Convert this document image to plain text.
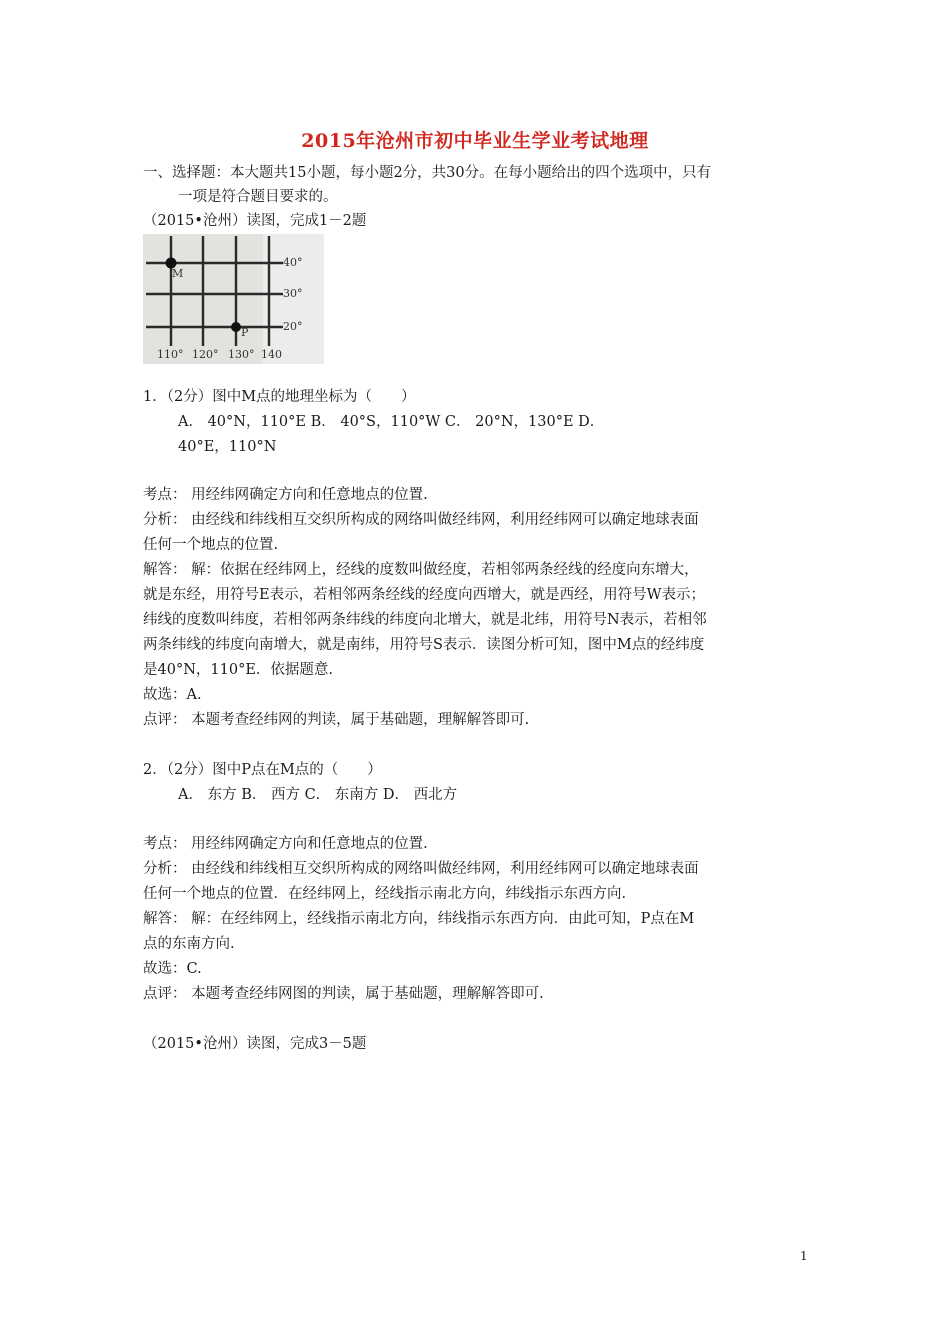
2015年沧州市初中毕业生学业考试地理
一、选择题：本大题共15小题，每小题2分，共30分。在每小题给出的四个选项中，只有
一项是符合题目要求的。
（2015•沧州）读图，完成1－2题
M
P
40°
30°
20°
110° 120° 130° 140
1．（2分）图中M点的地理坐标为（　　）
A． 40°N，110°E B． 40°S，110°W C． 20°N，130°E D．
40°E，110°N
考点： 用经纬网确定方向和任意地点的位置.
分析： 由经线和纬线相互交织所构成的网络叫做经纬网，利用经纬网可以确定地球表面
任何一个地点的位置.
解答： 解：依据在经纬网上，经线的度数叫做经度，若相邻两条经线的经度向东增大，
就是东经，用符号E表示，若相邻两条经线的经度向西增大，就是西经，用符号W表示；
纬线的度数叫纬度，若相邻两条纬线的纬度向北增大，就是北纬，用符号N表示，若相邻
两条纬线的纬度向南增大，就是南纬，用符号S表示．读图分析可知，图中M点的经纬度
是40°N，110°E．依据题意.
故选：A.
点评： 本题考查经纬网的判读，属于基础题，理解解答即可.
2．（2分）图中P点在M点的（　　）
A． 东方 B． 西方 C． 东南方 D． 西北方
考点： 用经纬网确定方向和任意地点的位置.
分析： 由经线和纬线相互交织所构成的网络叫做经纬网，利用经纬网可以确定地球表面
任何一个地点的位置．在经纬网上，经线指示南北方向，纬线指示东西方向.
解答： 解：在经纬网上，经线指示南北方向，纬线指示东西方向．由此可知，P点在M
点的东南方向.
故选：C.
点评： 本题考查经纬网图的判读，属于基础题，理解解答即可.
（2015•沧州）读图，完成3－5题
1
